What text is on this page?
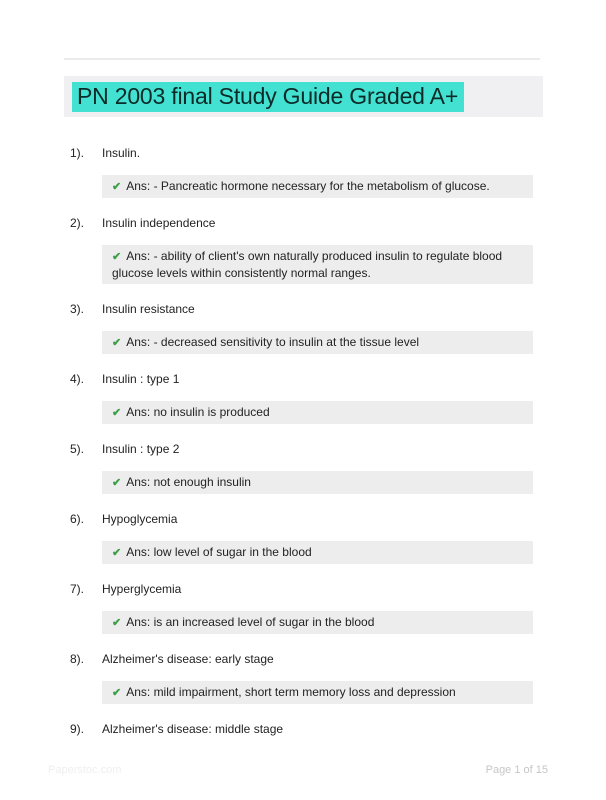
PN 2003 final Study Guide Graded A+
1). Insulin.
✔ Ans: - Pancreatic hormone necessary for the metabolism of glucose.
2). Insulin independence
✔ Ans: - ability of client's own naturally produced insulin to regulate blood glucose levels within consistently normal ranges.
3). Insulin resistance
✔ Ans: - decreased sensitivity to insulin at the tissue level
4). Insulin : type 1
✔ Ans: no insulin is produced
5). Insulin : type 2
✔ Ans: not enough insulin
6). Hypoglycemia
✔ Ans: low level of sugar in the blood
7). Hyperglycemia
✔ Ans: is an increased level of sugar in the blood
8). Alzheimer's disease: early stage
✔ Ans: mild impairment, short term memory loss and depression
9). Alzheimer's disease: middle stage
Paperstoc.com	Page 1 of 15
